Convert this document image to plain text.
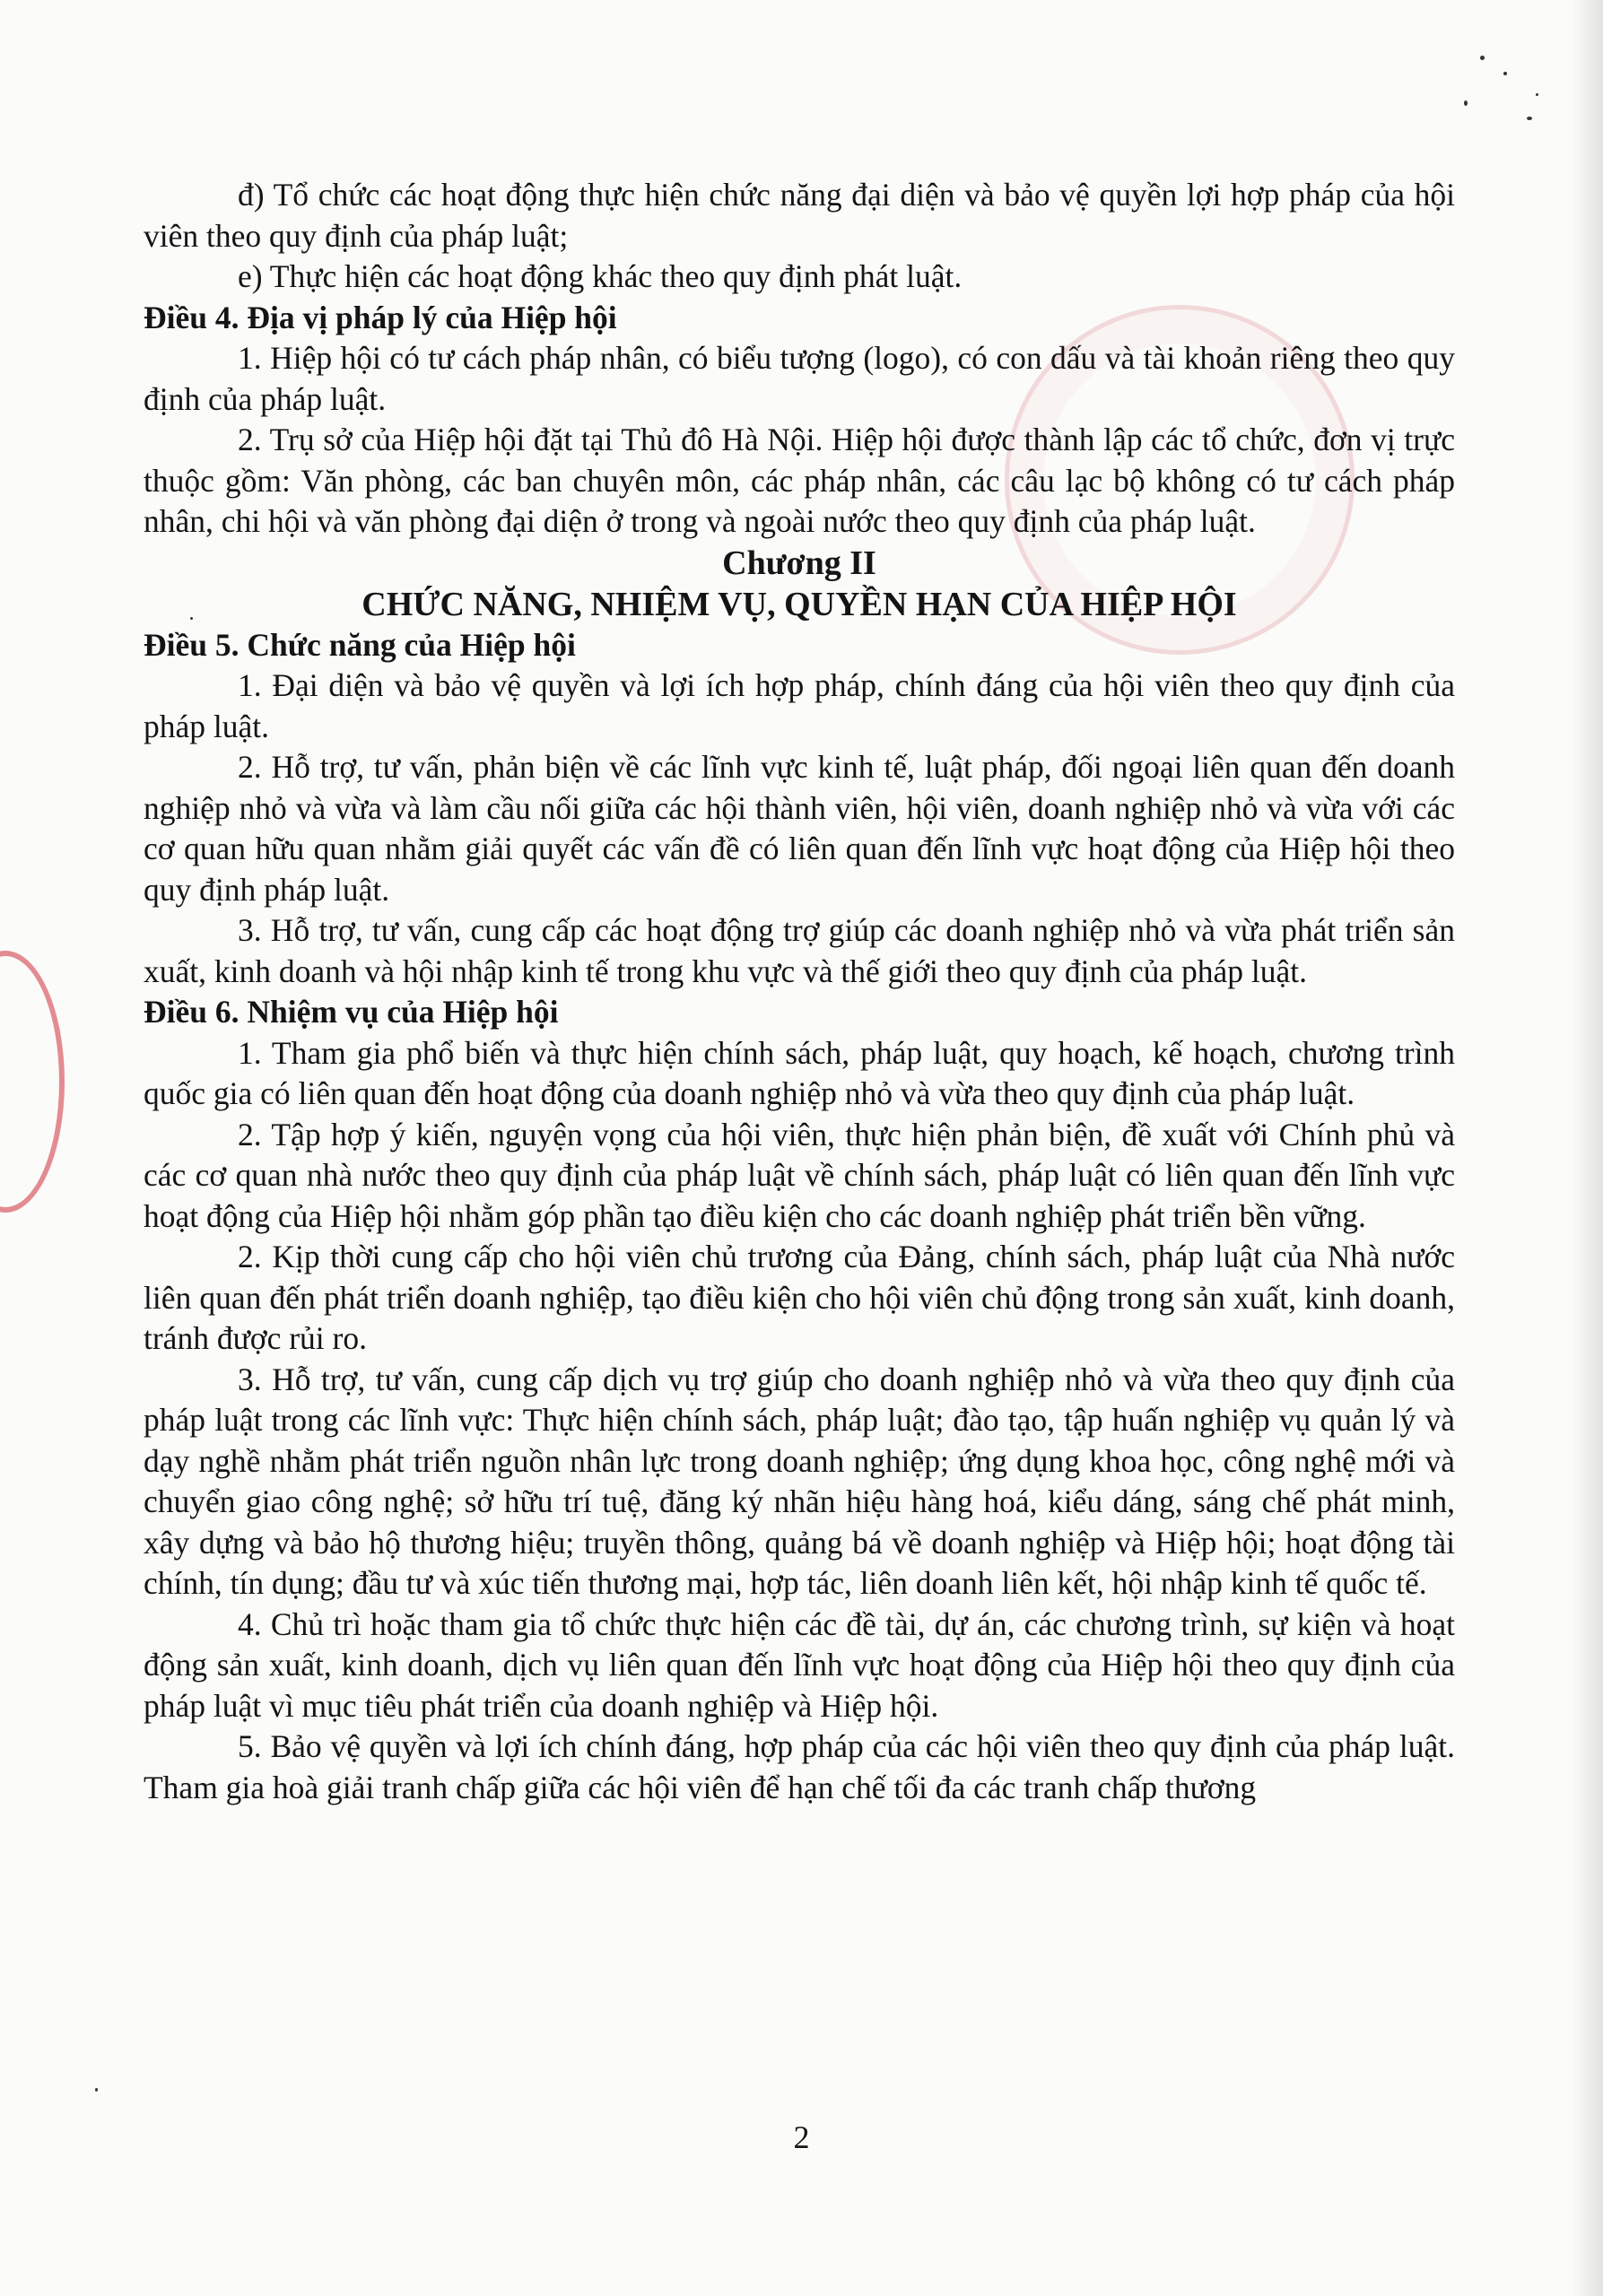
đ) Tổ chức các hoạt động thực hiện chức năng đại diện và bảo vệ quyền lợi hợp pháp của hội viên theo quy định của pháp luật;

e) Thực hiện các hoạt động khác theo quy định phát luật.

Điều 4. Địa vị pháp lý của Hiệp hội

1. Hiệp hội có tư cách pháp nhân, có biểu tượng (logo), có con dấu và tài khoản riêng theo quy định của pháp luật.

2. Trụ sở của Hiệp hội đặt tại Thủ đô Hà Nội. Hiệp hội được thành lập các tổ chức, đơn vị trực thuộc gồm: Văn phòng, các ban chuyên môn, các pháp nhân, các câu lạc bộ không có tư cách pháp nhân, chi hội và văn phòng đại diện ở trong và ngoài nước theo quy định của pháp luật.

Chương II

CHỨC NĂNG, NHIỆM VỤ, QUYỀN HẠN CỦA HIỆP HỘI

Điều 5. Chức năng của Hiệp hội

1. Đại diện và bảo vệ quyền và lợi ích hợp pháp, chính đáng của hội viên theo quy định của pháp luật.

2. Hỗ trợ, tư vấn, phản biện về các lĩnh vực kinh tế, luật pháp, đối ngoại liên quan đến doanh nghiệp nhỏ và vừa và làm cầu nối giữa các hội thành viên, hội viên, doanh nghiệp nhỏ và vừa với các cơ quan hữu quan nhằm giải quyết các vấn đề có liên quan đến lĩnh vực hoạt động của Hiệp hội theo quy định pháp luật.

3. Hỗ trợ, tư vấn, cung cấp các hoạt động trợ giúp các doanh nghiệp nhỏ và vừa phát triển sản xuất, kinh doanh và hội nhập kinh tế trong khu vực và thế giới theo quy định của pháp luật.

Điều 6. Nhiệm vụ của Hiệp hội

1. Tham gia phổ biến và thực hiện chính sách, pháp luật, quy hoạch, kế hoạch, chương trình quốc gia có liên quan đến hoạt động của doanh nghiệp nhỏ và vừa theo quy định của pháp luật.

2. Tập hợp ý kiến, nguyện vọng của hội viên, thực hiện phản biện, đề xuất với Chính phủ và các cơ quan nhà nước theo quy định của pháp luật về chính sách, pháp luật có liên quan đến lĩnh vực hoạt động của Hiệp hội nhằm góp phần tạo điều kiện cho các doanh nghiệp phát triển bền vững.

2. Kịp thời cung cấp cho hội viên chủ trương của Đảng, chính sách, pháp luật của Nhà nước liên quan đến phát triển doanh nghiệp, tạo điều kiện cho hội viên chủ động trong sản xuất, kinh doanh, tránh được rủi ro.

3. Hỗ trợ, tư vấn, cung cấp dịch vụ trợ giúp cho doanh nghiệp nhỏ và vừa theo quy định của pháp luật trong các lĩnh vực: Thực hiện chính sách, pháp luật; đào tạo, tập huấn nghiệp vụ quản lý và dạy nghề nhằm phát triển nguồn nhân lực trong doanh nghiệp; ứng dụng khoa học, công nghệ mới và chuyển giao công nghệ; sở hữu trí tuệ, đăng ký nhãn hiệu hàng hoá, kiểu dáng, sáng chế phát minh, xây dựng và bảo hộ thương hiệu; truyền thông, quảng bá về doanh nghiệp và Hiệp hội; hoạt động tài chính, tín dụng; đầu tư và xúc tiến thương mại, hợp tác, liên doanh liên kết, hội nhập kinh tế quốc tế.

4. Chủ trì hoặc tham gia tổ chức thực hiện các đề tài, dự án, các chương trình, sự kiện và hoạt động sản xuất, kinh doanh, dịch vụ liên quan đến lĩnh vực hoạt động của Hiệp hội theo quy định của pháp luật vì mục tiêu phát triển của doanh nghiệp và Hiệp hội.

5. Bảo vệ quyền và lợi ích chính đáng, hợp pháp của các hội viên theo quy định của pháp luật. Tham gia hoà giải tranh chấp giữa các hội viên để hạn chế tối đa các tranh chấp thương

2
